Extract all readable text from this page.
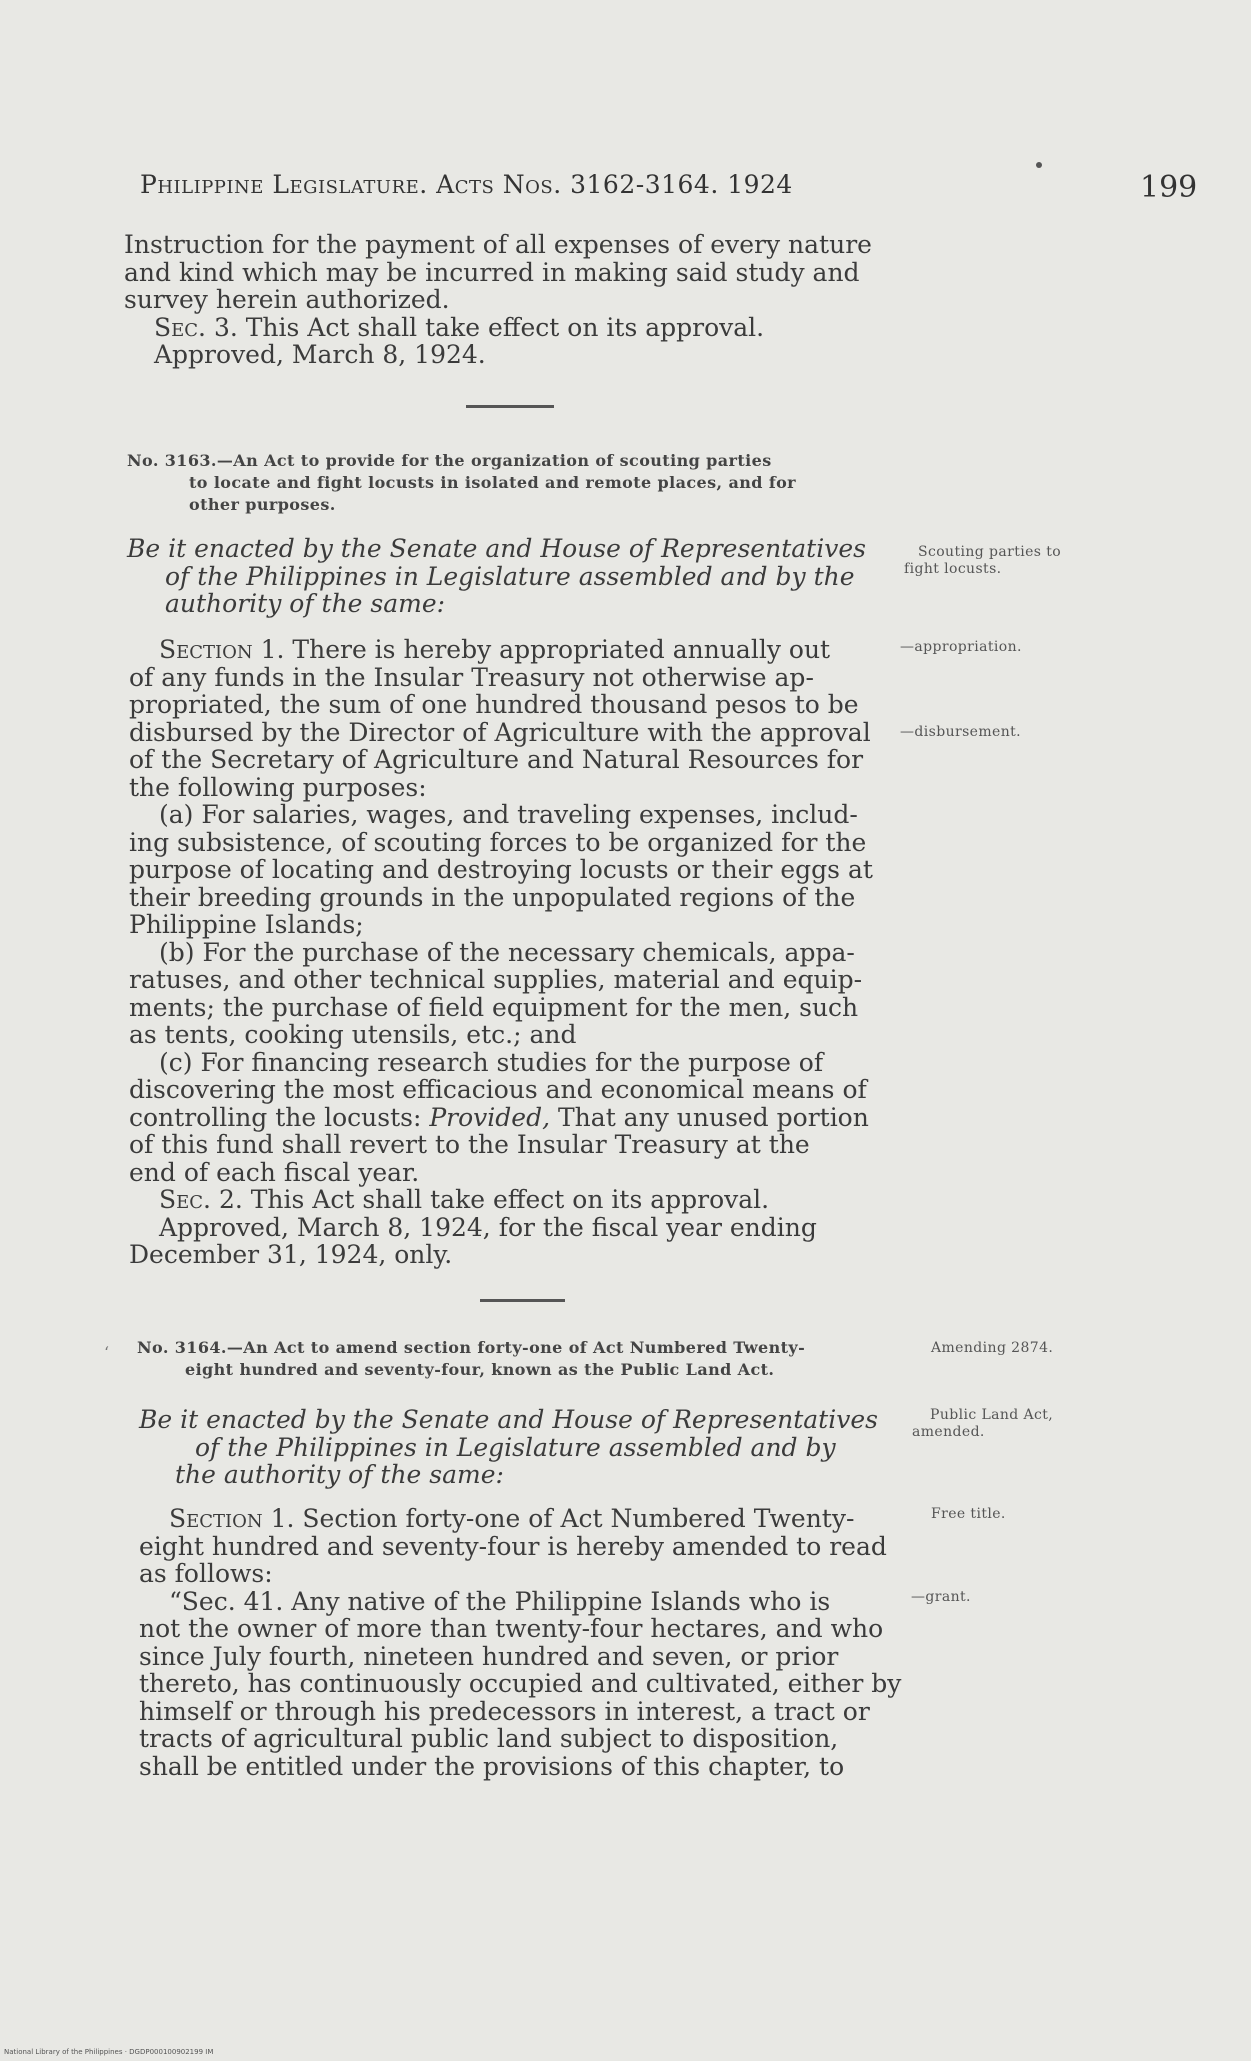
Philippine Legislature. Acts Nos. 3162-3164. 1924	199
Instruction for the payment of all expenses of every nature
and kind which may be incurred in making said study and
survey herein authorized.
Sec. 3. This Act shall take effect on its approval.
Approved, March 8, 1924.
No. 3163.—An Act to provide for the organization of scouting parties
to locate and fight locusts in isolated and remote places, and for
other purposes.
Be it enacted by the Senate and House of Representatives
of the Philippines in Legislature assembled and by the
authority of the same:
Section 1. There is hereby appropriated annually out
of any funds in the Insular Treasury not otherwise ap-
propriated, the sum of one hundred thousand pesos to be
disbursed by the Director of Agriculture with the approval
of the Secretary of Agriculture and Natural Resources for
the following purposes:
(a) For salaries, wages, and traveling expenses, includ-
ing subsistence, of scouting forces to be organized for the
purpose of locating and destroying locusts or their eggs at
their breeding grounds in the unpopulated regions of the
Philippine Islands;
(b) For the purchase of the necessary chemicals, appa-
ratuses, and other technical supplies, material and equip-
ments; the purchase of field equipment for the men, such
as tents, cooking utensils, etc.; and
(c) For financing research studies for the purpose of
discovering the most efficacious and economical means of
controlling the locusts: Provided, That any unused portion
of this fund shall revert to the Insular Treasury at the
end of each fiscal year.
Sec. 2. This Act shall take effect on its approval.
Approved, March 8, 1924, for the fiscal year ending
December 31, 1924, only.
Scouting parties to
fight locusts.
—appropriation.
—disbursement.
ʻ No. 3164.—An Act to amend section forty-one of Act Numbered Twenty-
eight hundred and seventy-four, known as the Public Land Act.
Be it enacted by the Senate and House of Representatives
of the Philippines in Legislature assembled and by
the authority of the same:
Section 1. Section forty-one of Act Numbered Twenty-
eight hundred and seventy-four is hereby amended to read
as follows:
“Sec. 41. Any native of the Philippine Islands who is
not the owner of more than twenty-four hectares, and who
since July fourth, nineteen hundred and seven, or prior
thereto, has continuously occupied and cultivated, either by
himself or through his predecessors in interest, a tract or
tracts of agricultural public land subject to disposition,
shall be entitled under the provisions of this chapter, to
Amending 2874.
Public Land Act,
amended.
Free title.
—grant.
National Library of the Philippines · DGDP000100902199 IM
